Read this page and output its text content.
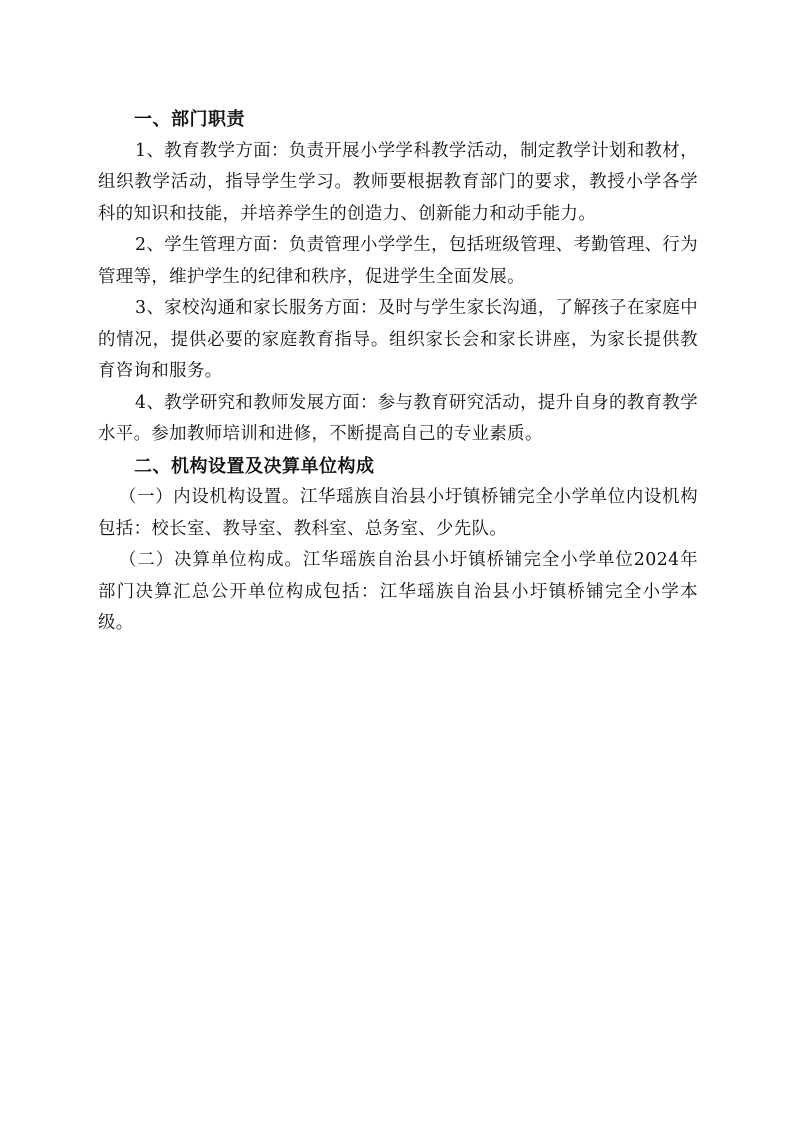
一、部门职责

1、教育教学方面：负责开展小学学科教学活动，制定教学计划和教材，组织教学活动，指导学生学习。教师要根据教育部门的要求，教授小学各学科的知识和技能，并培养学生的创造力、创新能力和动手能力。

2、学生管理方面：负责管理小学学生，包括班级管理、考勤管理、行为管理等，维护学生的纪律和秩序，促进学生全面发展。

3、家校沟通和家长服务方面：及时与学生家长沟通，了解孩子在家庭中的情况，提供必要的家庭教育指导。组织家长会和家长讲座，为家长提供教育咨询和服务。

4、教学研究和教师发展方面：参与教育研究活动，提升自身的教育教学水平。参加教师培训和进修，不断提高自己的专业素质。

二、机构设置及决算单位构成

（一）内设机构设置。江华瑶族自治县小圩镇桥铺完全小学单位内设机构包括：校长室、教导室、教科室、总务室、少先队。

（二）决算单位构成。江华瑶族自治县小圩镇桥铺完全小学单位2024年部门决算汇总公开单位构成包括：江华瑶族自治县小圩镇桥铺完全小学本级。
